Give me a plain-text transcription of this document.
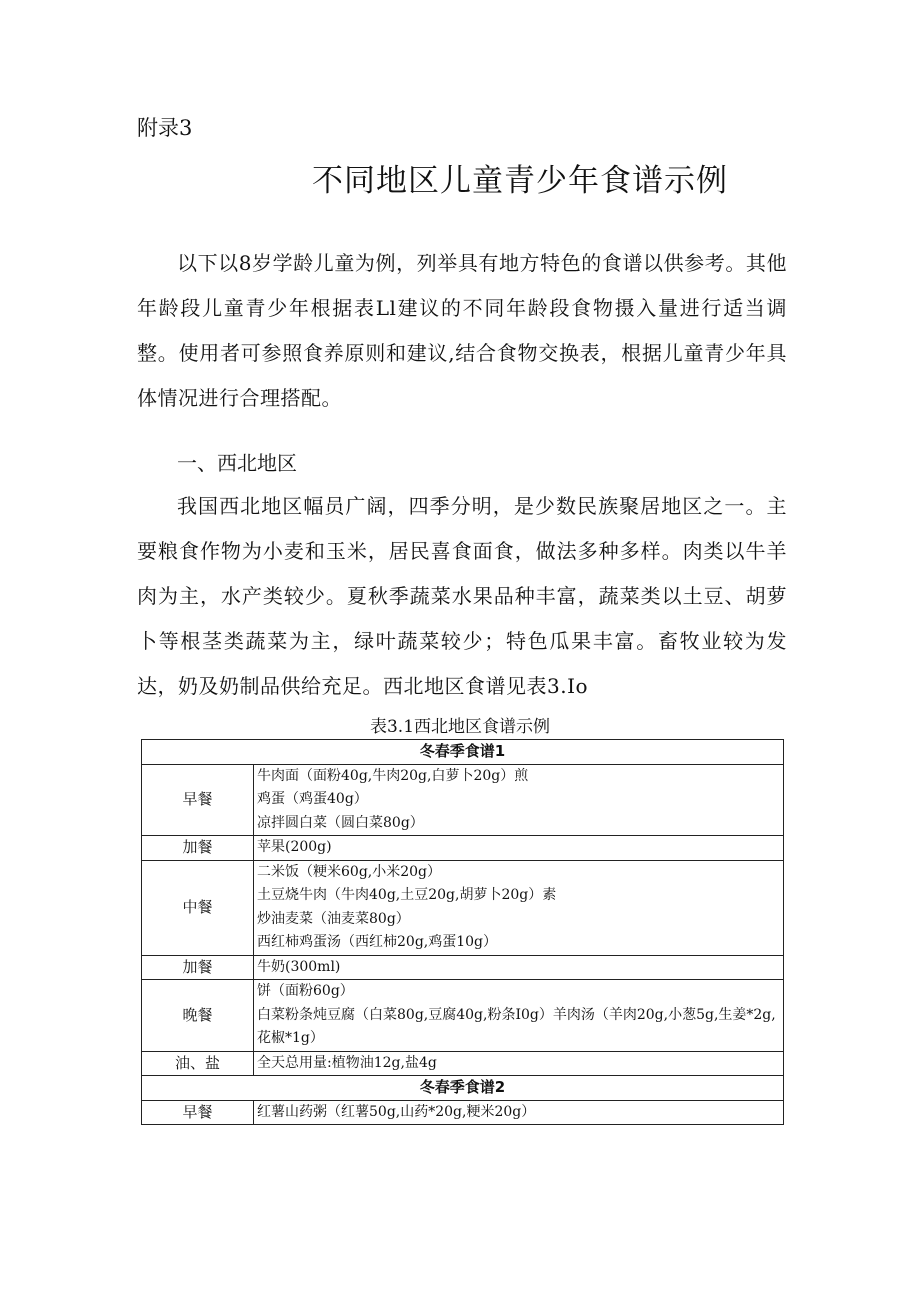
附录3
不同地区儿童青少年食谱示例
以下以8岁学龄儿童为例，列举具有地方特色的食谱以供参考。其他年龄段儿童青少年根据表Ll建议的不同年龄段食物摄入量进行适当调整。使用者可参照食养原则和建议,结合食物交换表，根据儿童青少年具体情况进行合理搭配。
一、西北地区
我国西北地区幅员广阔，四季分明，是少数民族聚居地区之一。主要粮食作物为小麦和玉米，居民喜食面食，做法多种多样。肉类以牛羊肉为主，水产类较少。夏秋季蔬菜水果品种丰富，蔬菜类以土豆、胡萝卜等根茎类蔬菜为主，绿叶蔬菜较少；特色瓜果丰富。畜牧业较为发达，奶及奶制品供给充足。西北地区食谱见表3.Io
表3.1西北地区食谱示例
冬春季食谱1	
早餐	牛肉面（面粉40g,牛肉20g,白萝卜20g）煎
鸡蛋（鸡蛋40g）
凉拌圆白菜（圆白菜80g）

加餐	苹果(200g)

中餐	二米饭（粳米60g,小米20g）
土豆烧牛肉（牛肉40g,土豆20g,胡萝卜20g）素
炒油麦菜（油麦菜80g）
西红柿鸡蛋汤（西红柿20g,鸡蛋10g）

加餐	牛奶(300ml)

晚餐	饼（面粉60g）
白菜粉条炖豆腐（白菜80g,豆腐40g,粉条I0g）羊肉汤（羊肉20g,小葱5g,生姜*2g,花椒*1g）

油、盐	全天总用量:植物油12g,盐4g

冬春季食谱2	
早餐	红薯山药粥（红薯50g,山药*20g,粳米20g）
